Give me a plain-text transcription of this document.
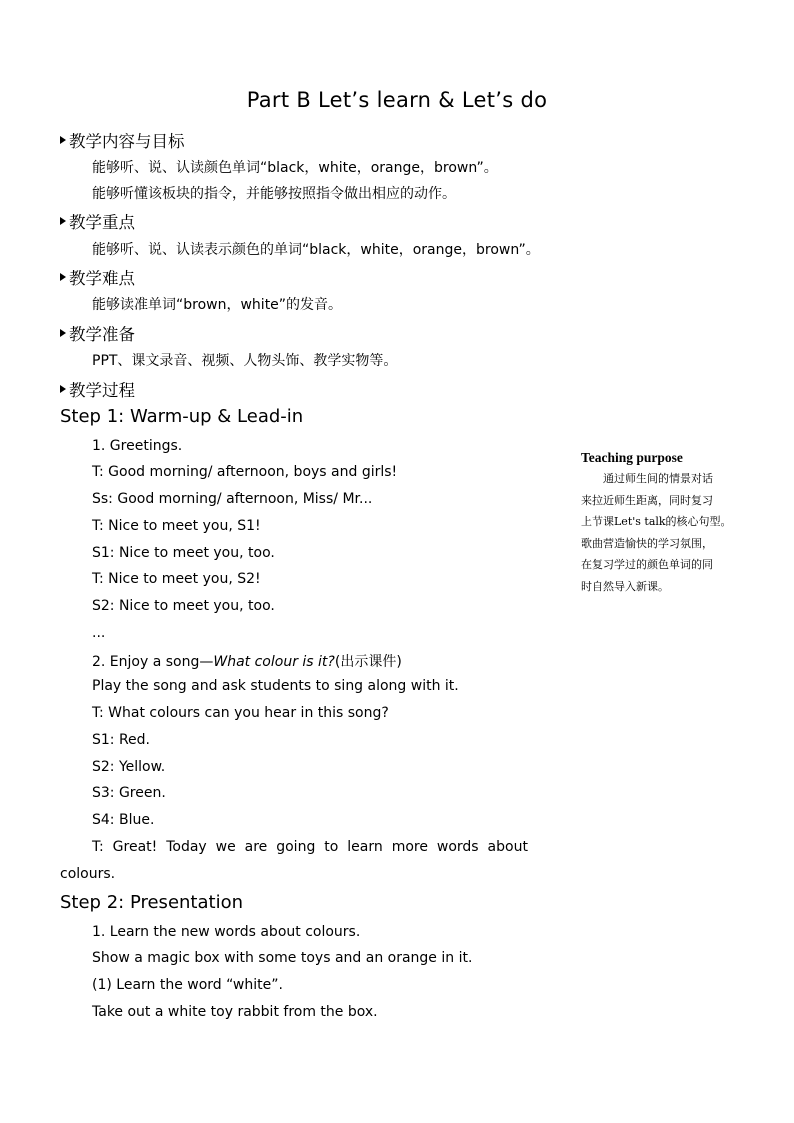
Part B Let’s learn & Let’s do
教学内容与目标
能够听、说、认读颜色单词“black，white，orange，brown”。
能够听懂该板块的指令，并能够按照指令做出相应的动作。
教学重点
能够听、说、认读表示颜色的单词“black，white，orange，brown”。
教学难点
能够读准单词“brown，white”的发音。
教学准备
PPT、课文录音、视频、人物头饰、教学实物等。
教学过程
Step 1: Warm-up & Lead-in
1. Greetings.
T: Good morning/ afternoon, boys and girls!
Ss: Good morning/ afternoon, Miss/ Mr...
T: Nice to meet you, S1!
S1: Nice to meet you, too.
T: Nice to meet you, S2!
S2: Nice to meet you, too.
...
2. Enjoy a song—What colour is it?(出示课件)
Play the song and ask students to sing along with it.
T: What colours can you hear in this song?
S1: Red.
S2: Yellow.
S3: Green.
S4: Blue.
T: Great! Today we are going to learn more words about
colours.
Step 2: Presentation
1. Learn the new words about colours.
Show a magic box with some toys and an orange in it.
(1) Learn the word “white”.
Take out a white toy rabbit from the box.
Teaching purpose
　　通过师生间的情景对话
来拉近师生距离，同时复习
上节课Let's talk的核心句型。
歌曲营造愉快的学习氛围，
在复习学过的颜色单词的同
时自然导入新课。
